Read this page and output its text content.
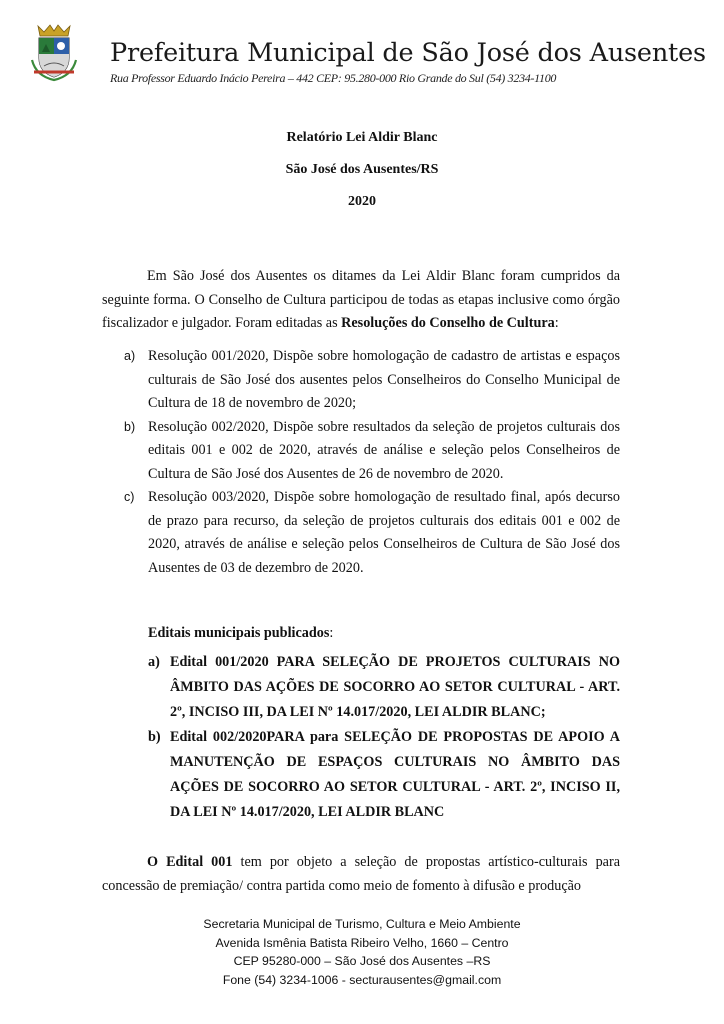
Prefeitura Municipal de São José dos Ausentes
Rua Professor Eduardo Inácio Pereira – 442 CEP: 95.280-000 Rio Grande do Sul (54) 3234-1100
Relatório Lei Aldir Blanc
São José dos Ausentes/RS
2020
Em São José dos Ausentes os ditames da Lei Aldir Blanc foram cumpridos da seguinte forma. O Conselho de Cultura participou de todas as etapas inclusive como órgão fiscalizador e julgador. Foram editadas as Resoluções do Conselho de Cultura:
a) Resolução 001/2020, Dispõe sobre homologação de cadastro de artistas e espaços culturais de São José dos ausentes pelos Conselheiros do Conselho Municipal de Cultura de 18 de novembro de 2020;
b) Resolução 002/2020, Dispõe sobre resultados da seleção de projetos culturais dos editais 001 e 002 de 2020, através de análise e seleção pelos Conselheiros de Cultura de São José dos Ausentes de 26 de novembro de 2020.
c) Resolução 003/2020, Dispõe sobre homologação de resultado final, após decurso de prazo para recurso, da seleção de projetos culturais dos editais 001 e 002 de 2020, através de análise e seleção pelos Conselheiros de Cultura de São José dos Ausentes de 03 de dezembro de 2020.
Editais municipais publicados:
a) Edital 001/2020 PARA SELEÇÃO DE PROJETOS CULTURAIS NO ÂMBITO DAS AÇÕES DE SOCORRO AO SETOR CULTURAL - ART. 2º, INCISO III, DA LEI Nº 14.017/2020, LEI ALDIR BLANC;
b) Edital 002/2020PARA para SELEÇÃO DE PROPOSTAS DE APOIO A MANUTENÇÃO DE ESPAÇOS CULTURAIS NO ÂMBITO DAS AÇÕES DE SOCORRO AO SETOR CULTURAL - ART. 2º, INCISO II, DA LEI Nº 14.017/2020, LEI ALDIR BLANC
O Edital 001 tem por objeto a seleção de propostas artístico-culturais para concessão de premiação/ contra partida como meio de fomento à difusão e produção
Secretaria Municipal de Turismo, Cultura e Meio Ambiente
Avenida Ismênia Batista Ribeiro Velho, 1660 – Centro
CEP 95280-000 – São José dos Ausentes –RS
Fone (54) 3234-1006 - secturausentes@gmail.com
